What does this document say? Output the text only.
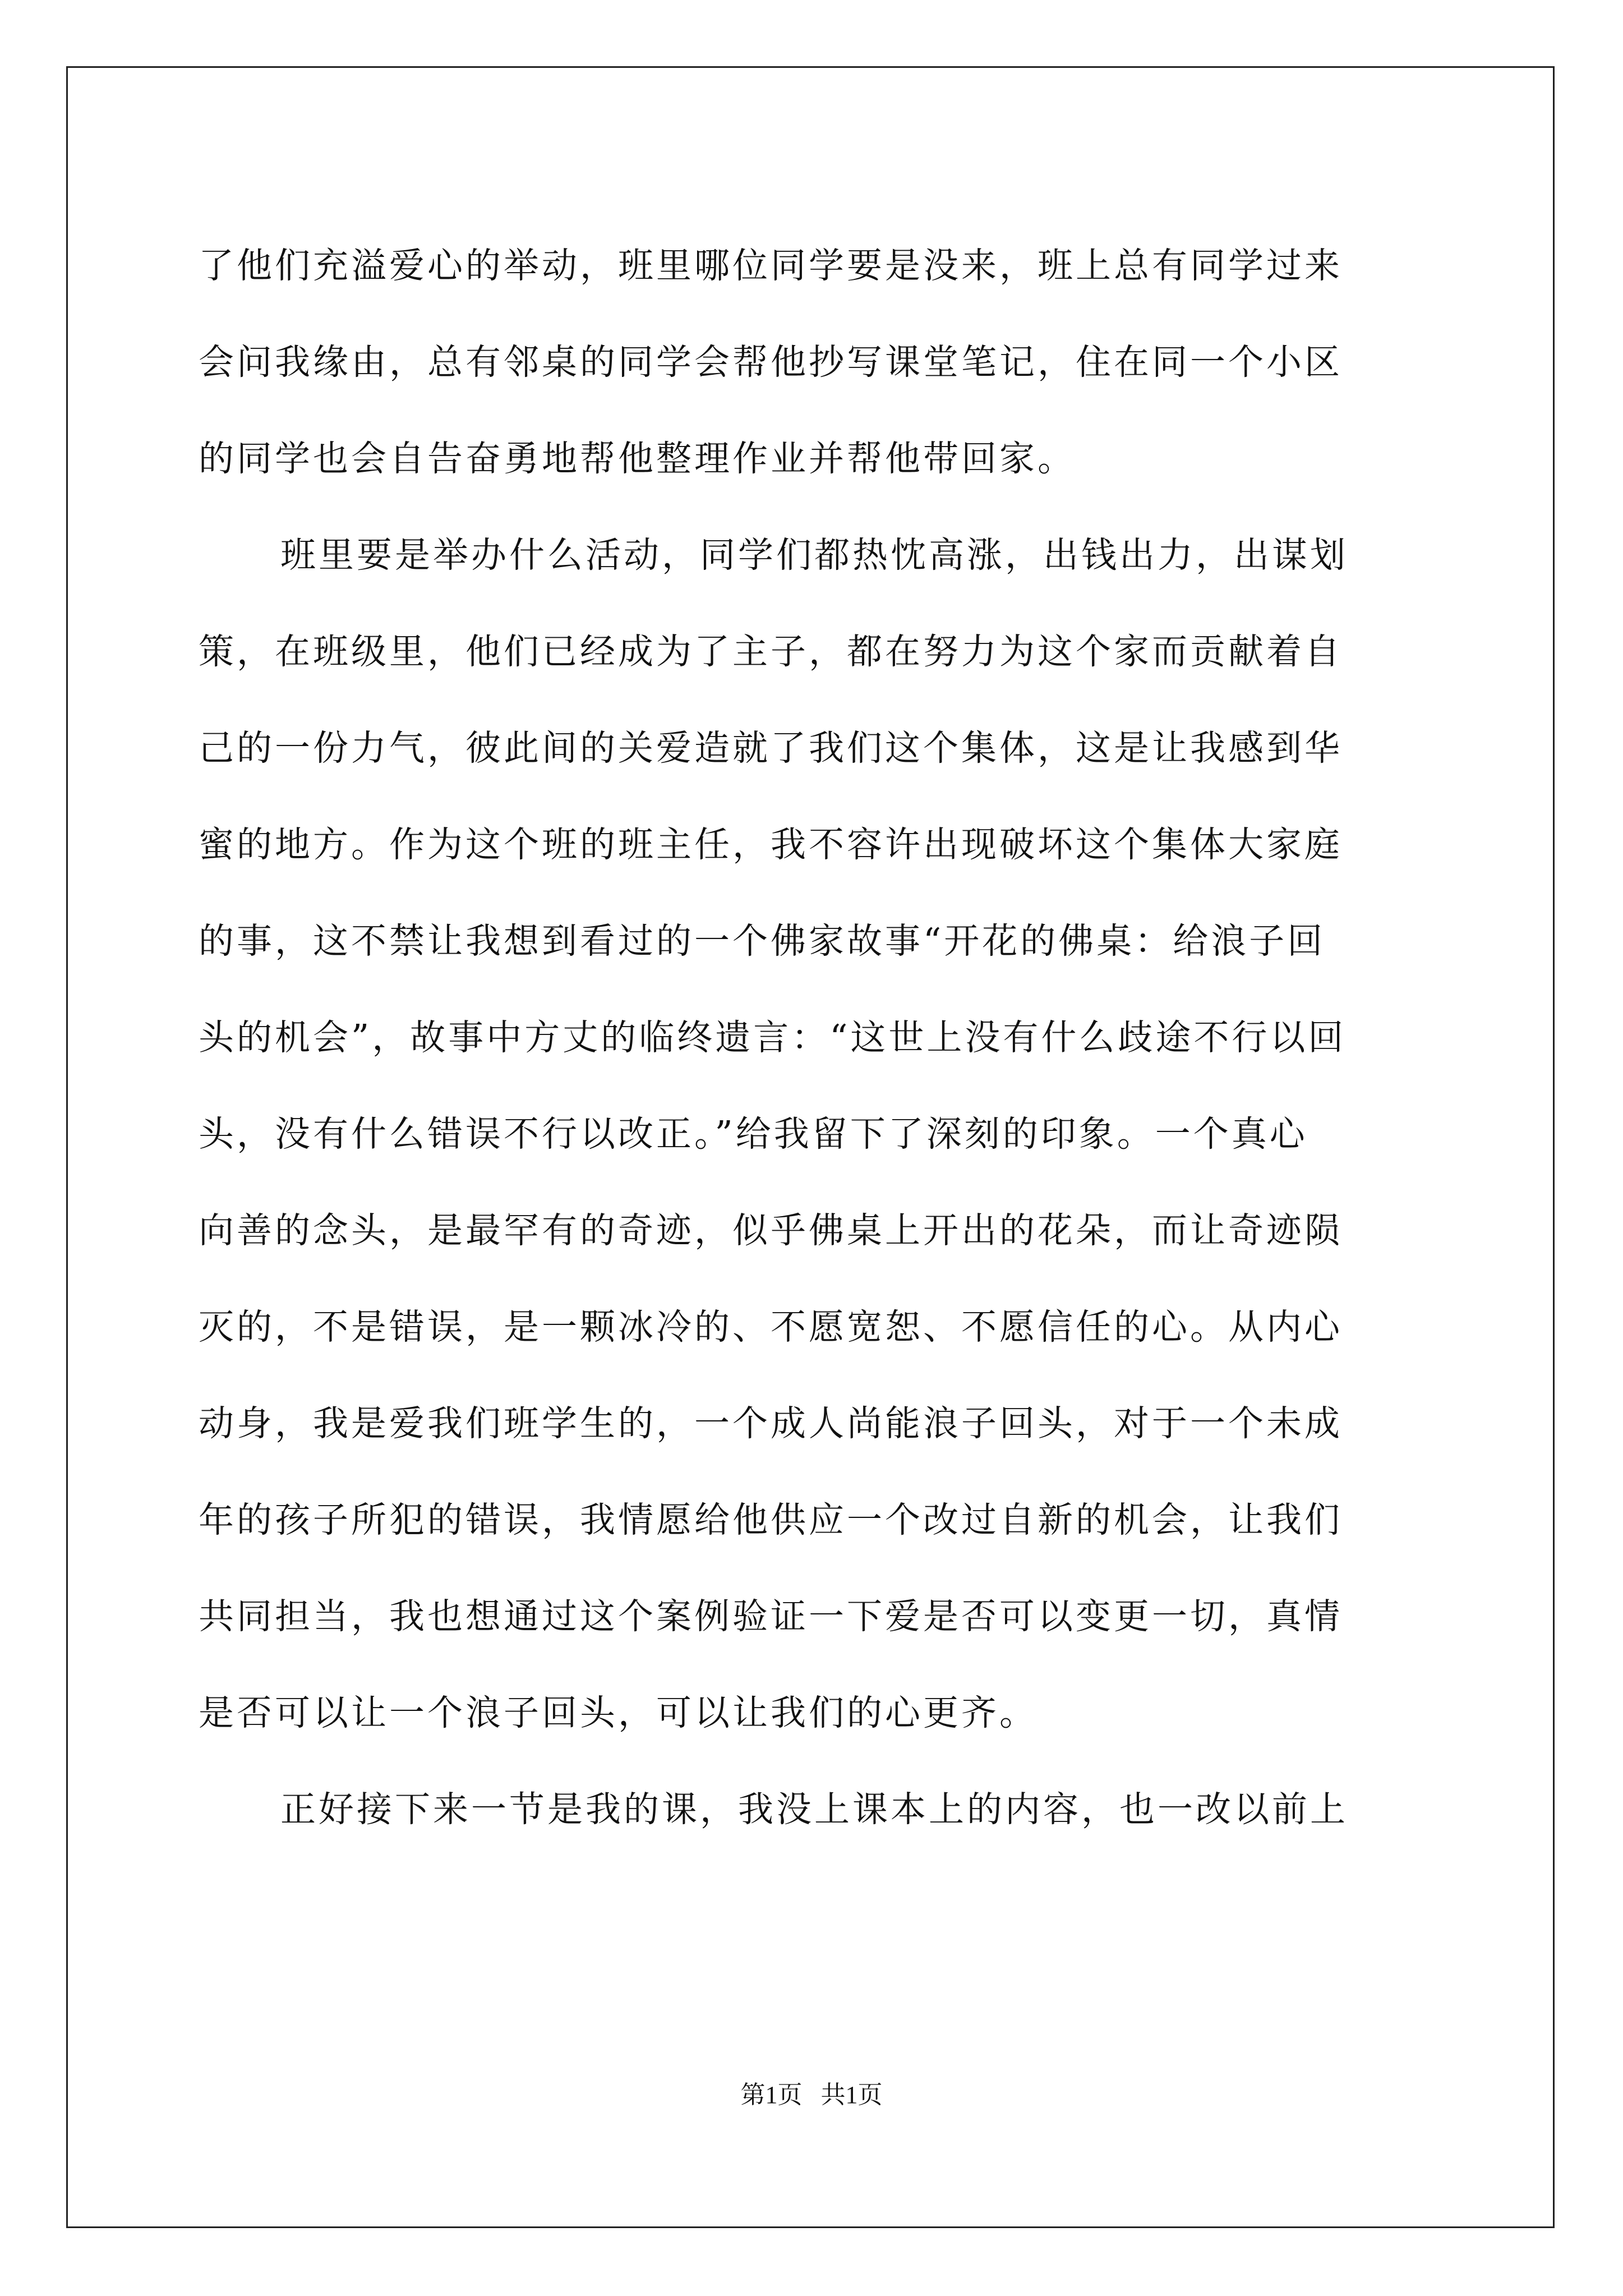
了他们充溢爱心的举动，班里哪位同学要是没来，班上总有同学过来
会问我缘由，总有邻桌的同学会帮他抄写课堂笔记，住在同一个小区
的同学也会自告奋勇地帮他整理作业并帮他带回家。

班里要是举办什么活动，同学们都热忱高涨，出钱出力，出谋划
策，在班级里，他们已经成为了主子，都在努力为这个家而贡献着自
己的一份力气，彼此间的关爱造就了我们这个集体，这是让我感到华
蜜的地方。作为这个班的班主任，我不容许出现破坏这个集体大家庭
的事，这不禁让我想到看过的一个佛家故事“开花的佛桌：给浪子回
头的机会”，故事中方丈的临终遗言：“这世上没有什么歧途不行以回
头，没有什么错误不行以改正。”给我留下了深刻的印象。一个真心
向善的念头，是最罕有的奇迹，似乎佛桌上开出的花朵，而让奇迹陨
灭的，不是错误，是一颗冰冷的、不愿宽恕、不愿信任的心。从内心
动身，我是爱我们班学生的，一个成人尚能浪子回头，对于一个未成
年的孩子所犯的错误，我情愿给他供应一个改过自新的机会，让我们
共同担当，我也想通过这个案例验证一下爱是否可以变更一切，真情
是否可以让一个浪子回头，可以让我们的心更齐。

正好接下来一节是我的课，我没上课本上的内容，也一改以前上

第1页   共1页
